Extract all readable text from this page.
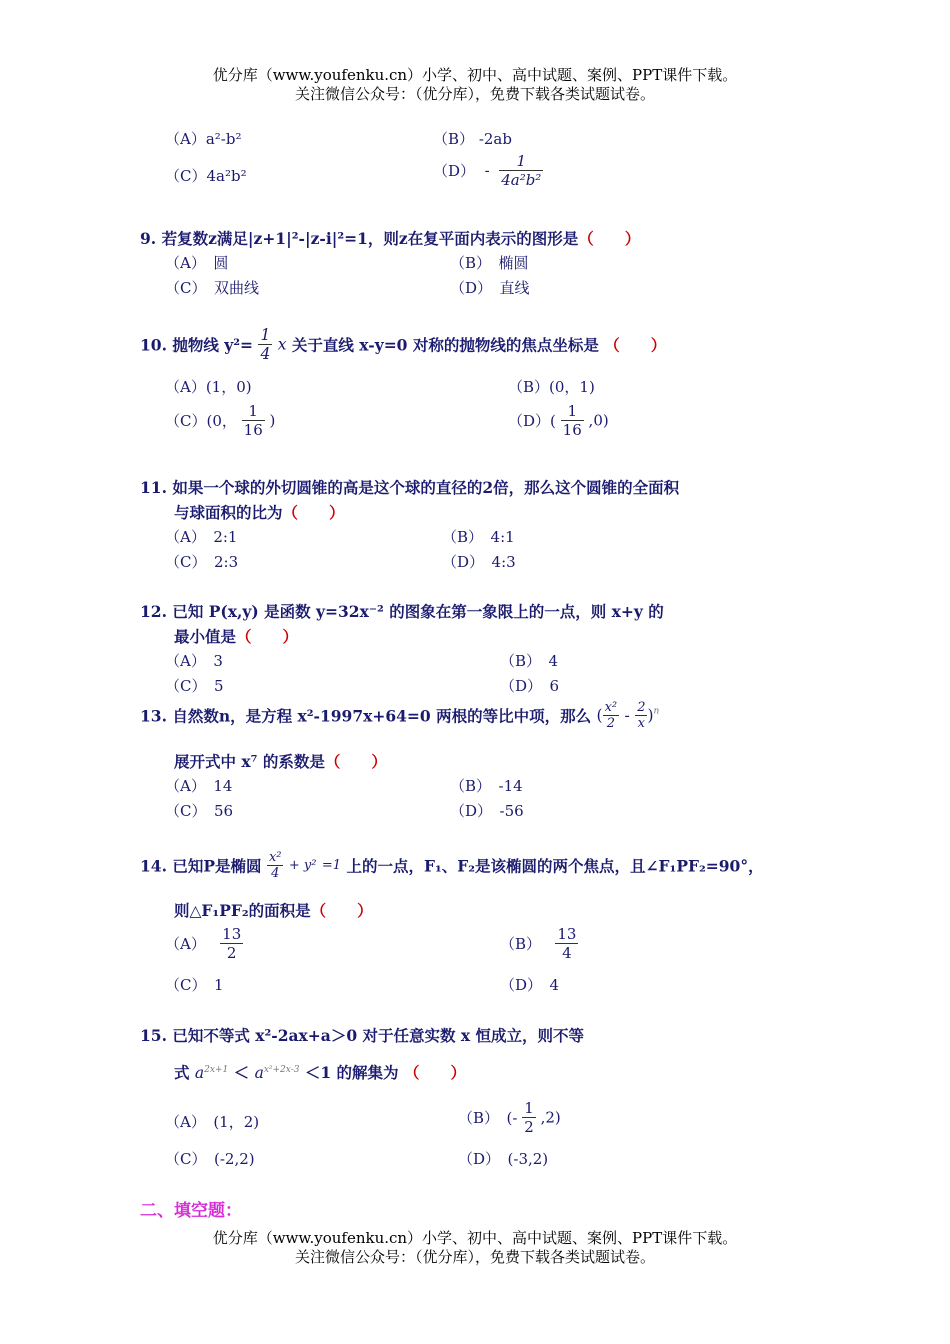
优分库（www.youfenku.cn）小学、初中、高中试题、案例、PPT课件下载。
关注微信公众号：（优分库），免费下载各类试题试卷。
（A）a²-b²	（B） -2ab
（C）4a²b²	$(D) - \frac{1}{\text{4a²b²}}$
9. 若复数z满足|z+1|²-|z-i|²=1，则z在复平面内表示的图形是（　　）
（A）　圆	（B）　椭圆
（C）　双曲线	（D）　直线
10. 抛物线 $y^2= \frac{1}{4}$ x 关于直线 x-y=0 对称的抛物线的焦点坐标是 （　　）
（A）(1，0)	（B）(0，1)
（C）(0， $\frac{1}{16}$ )	$(D)( \frac{1}{16} ,0)$
11. 如果一个球的外切圆锥的高是这个球的直径的2倍，那么这个圆锥的全面积
与球面积的比为（　　）
（A）　2:1	（B）　4:1
（C）　2:3	（D）　4:3
12. 已知 P(x,y) 是函数 y=32x⁻² 的图象在第一象限上的一点，则 x+y 的
最小值是（　　）
（A）　3	（B）　4
（C）　5	（D）　6
13. 自然数n，是方程 x²-1997x+64=0 两根的等比中项，那么 ( $\frac{\text{x²}}{2} - \frac{2}{x} )^n$
展开式中 x⁷ 的系数是（　　）
（A）　14	（B）　-14
（C）　56	（D）　-56
14. 已知P是椭圆 $\frac{\text{x²}}{4} + y^2 =1$ 上的一点，F₁、F₂是该椭圆的两个焦点，且∠F₁PF₂=90°，
则△F₁PF₂的面积是（　　）
$(A) \frac{13}{2}$	$(B) \frac{13}{4}$
（C）　1	（D）　4
15. 已知不等式 x²-2ax+a＞0 对于任意实数 x 恒成立，则不等
式 $a^{2x+1} < a^{x^2+2x-3} <1$ 的解集为 （　　）
（A）　(1，2)	（B）　(- $\frac{1}{2} ,2$)
（C）　(-2,2)	（D）　(-3,2)
二、填空题：
优分库（www.youfenku.cn）小学、初中、高中试题、案例、PPT课件下载。
关注微信公众号：（优分库），免费下载各类试题试卷。
